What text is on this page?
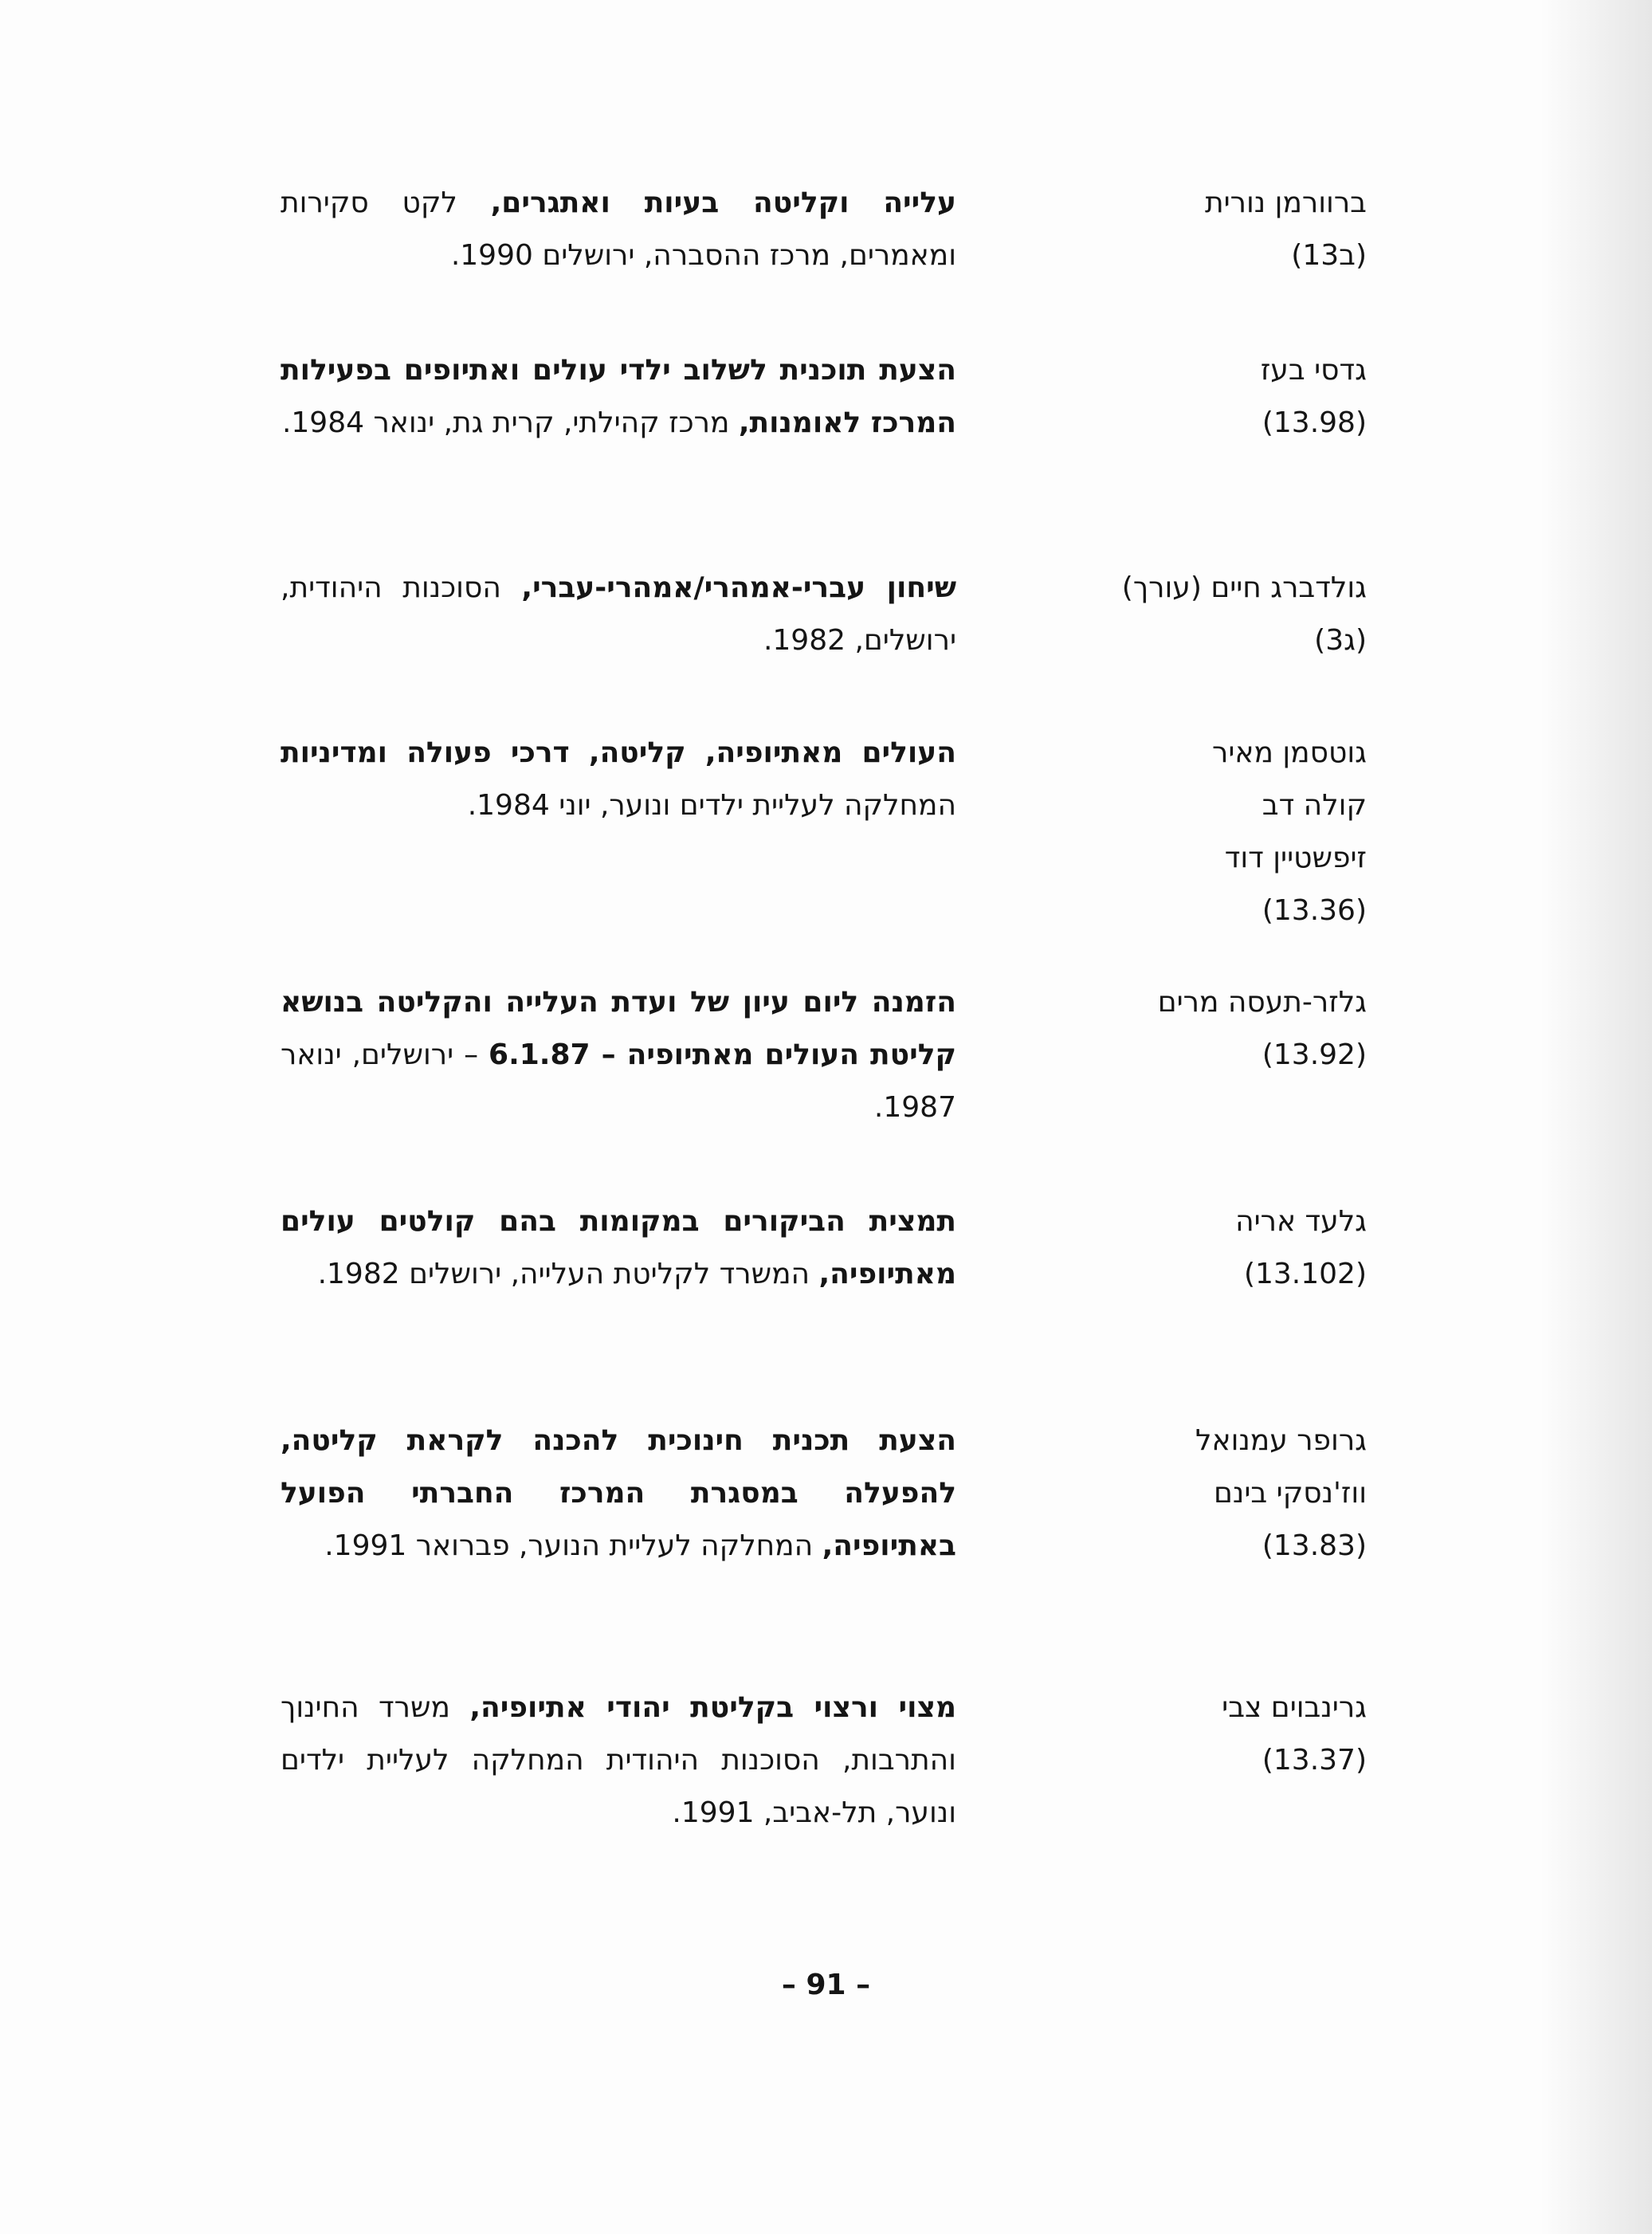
ברוורמן נורית
(ב13)
עלייה וקליטה בעיות ואתגרים, לקט סקירות ומאמרים, מרכז ההסברה, ירושלים 1990.
גדסי בעז
(13.98)
הצעת תוכנית לשלוב ילדי עולים ואתיופים בפעילות המרכז לאומנות, מרכז קהילתי, קרית גת, ינואר 1984.
גולדברג חיים (עורך)
(ג3)
שיחון עברי-אמהרי/אמהרי-עברי, הסוכנות היהודית, ירושלים, 1982.
גוטסמן מאיר
קולה דב
זיפשטיין דוד
(13.36)
העולים מאתיופיה, קליטה, דרכי פעולה ומדיניות המחלקה לעליית ילדים ונוער, יוני 1984.
גלזר-תעסה מרים
(13.92)
הזמנה ליום עיון של ועדת העלייה והקליטה בנושא קליטת העולים מאתיופיה – 6.1.87 – ירושלים, ינואר 1987.
גלעד אריה
(13.102)
תמצית הביקורים במקומות בהם קולטים עולים מאתיופיה, המשרד לקליטת העלייה, ירושלים 1982.
גרופר עמנואל
ווז'נסקי בינם
(13.83)
הצעת תכנית חינוכית להכנה לקראת קליטה, להפעלה במסגרת המרכז החברתי הפועל באתיופיה, המחלקה לעליית הנוער, פברואר 1991.
גרינבוים צבי
(13.37)
מצוי ורצוי בקליטת יהודי אתיופיה, משרד החינוך והתרבות, הסוכנות היהודית המחלקה לעליית ילדים ונוער, תל-אביב, 1991.
– 91 –
